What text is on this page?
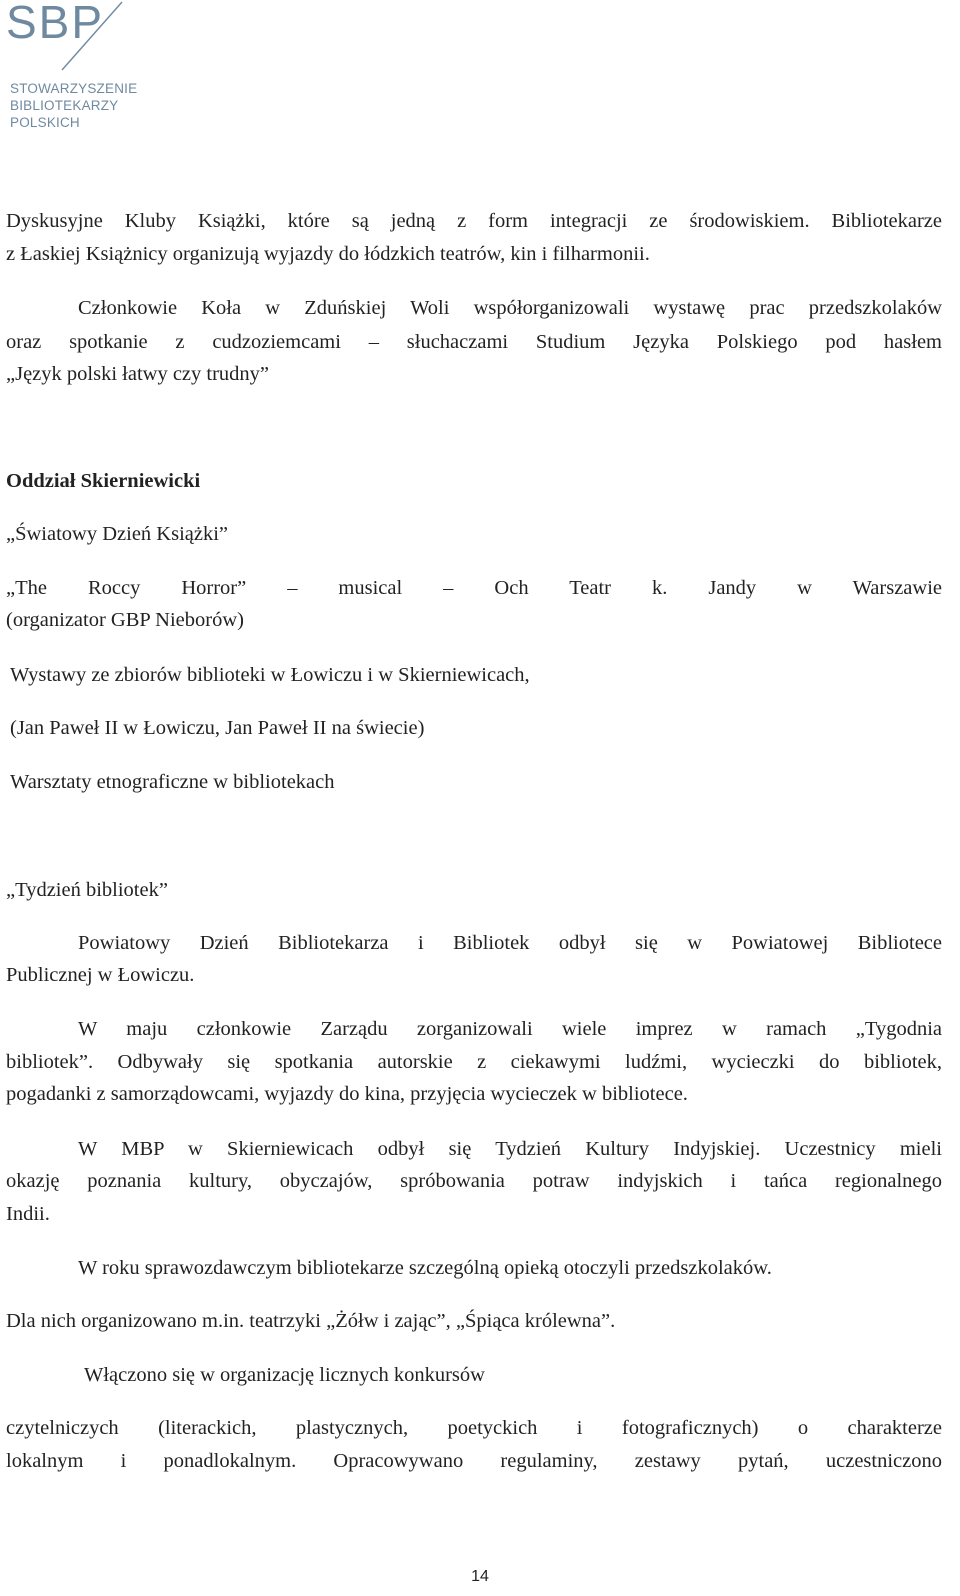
SBP
STOWARZYSZENIE
BIBLIOTEKARZY
POLSKICH
Dyskusyjne Kluby Książki, które są jedną z form integracji ze środowiskiem. Bibliotekarze
z Łaskiej Książnicy organizują wyjazdy do łódzkich teatrów, kin i filharmonii.
Członkowie Koła w Zduńskiej Woli współorganizowali wystawę prac przedszkolaków
oraz spotkanie z cudzoziemcami – słuchaczami Studium Języka Polskiego pod hasłem
„Język polski łatwy czy trudny”
Oddział Skierniewicki
„Światowy Dzień Książki”
„The Roccy Horror” – musical – Och Teatr k. Jandy w Warszawie
(organizator GBP Nieborów)
Wystawy ze zbiorów biblioteki w Łowiczu i w Skierniewicach,
(Jan Paweł II w Łowiczu, Jan Paweł II na świecie)
Warsztaty etnograficzne w bibliotekach
„Tydzień bibliotek”
Powiatowy Dzień Bibliotekarza i Bibliotek odbył się w Powiatowej Bibliotece
Publicznej w Łowiczu.
W maju członkowie Zarządu zorganizowali wiele imprez w ramach „Tygodnia
bibliotek”. Odbywały się spotkania autorskie z ciekawymi ludźmi, wycieczki do bibliotek,
pogadanki z samorządowcami, wyjazdy do kina, przyjęcia wycieczek w bibliotece.
W MBP w Skierniewicach odbył się Tydzień Kultury Indyjskiej. Uczestnicy mieli
okazję poznania kultury, obyczajów, spróbowania potraw indyjskich i tańca regionalnego
Indii.
W roku sprawozdawczym bibliotekarze szczególną opieką otoczyli przedszkolaków.
Dla nich organizowano m.in. teatrzyki „Żółw i zając”, „Śpiąca królewna”.
Włączono się w organizację licznych konkursów
czytelniczych (literackich, plastycznych, poetyckich i fotograficznych) o charakterze
lokalnym i ponadlokalnym. Opracowywano regulaminy, zestawy pytań, uczestniczono
14
